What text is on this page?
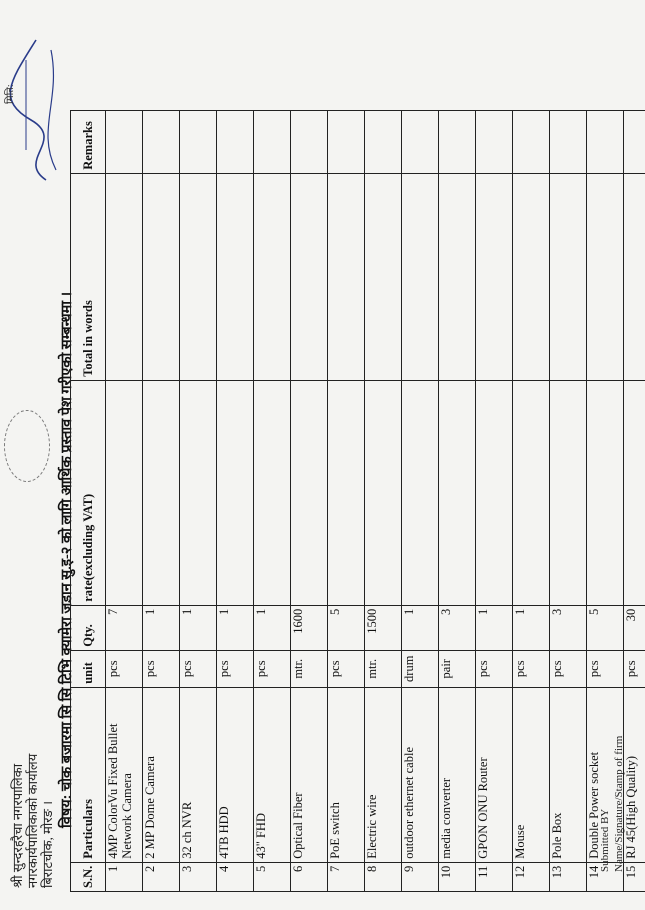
श्री सुन्दरहरैचा नगरपालिका नगरकार्यपालिकाको कार्यालय बिराटचोक, मोरङ ।
विषय: चोक बजारमा सि सि टिभि क्यामेरा जडान सु.इ-२ को लागि आर्थिक प्रस्ताव पेश गरीएको सम्बन्धमा ।
मिति:
S.N.	Particulars	unit	Qty.	rate(excluding VAT)	Total in words	Remarks
1	4MP ColorVu Fixed Bullet Network Camera	pcs	7			
2	2 MP Dome Camera	pcs	1			
3	32 ch NVR	pcs	1			
4	4TB HDD	pcs	1			
5	43" FHD	pcs	1			
6	Optical Fiber	mtr.	1600			
7	PoE switch	pcs	5			
8	Electric wire	mtr.	1500			
9	outdoor ethernet cable	drum	1			
10	media converter	pair	3			
11	GPON ONU Router	pcs	1			
12	Mouse	pcs	1			
13	Pole Box	pcs	3			
14	Double Power socket	pcs	5			
15	RJ 45(High Quality)	pcs	30			
Submitted BY Name/Signature/Stamp of firm
